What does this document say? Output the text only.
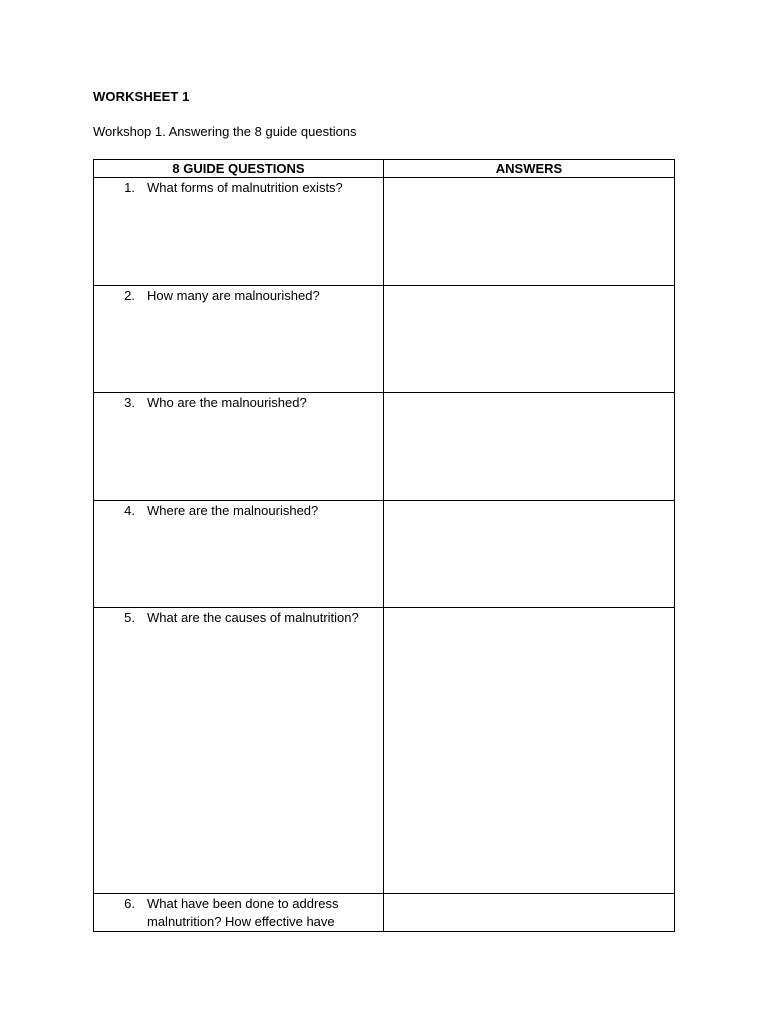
WORKSHEET 1
Workshop 1. Answering the 8 guide questions
8 GUIDE QUESTIONS	ANSWERS

1. What forms of malnutrition exists?	

2. How many are malnourished?	

3. Who are the malnourished?	

4. Where are the malnourished?	

5. What are the causes of malnutrition?	

6. What have been done to address malnutrition? How effective have	
